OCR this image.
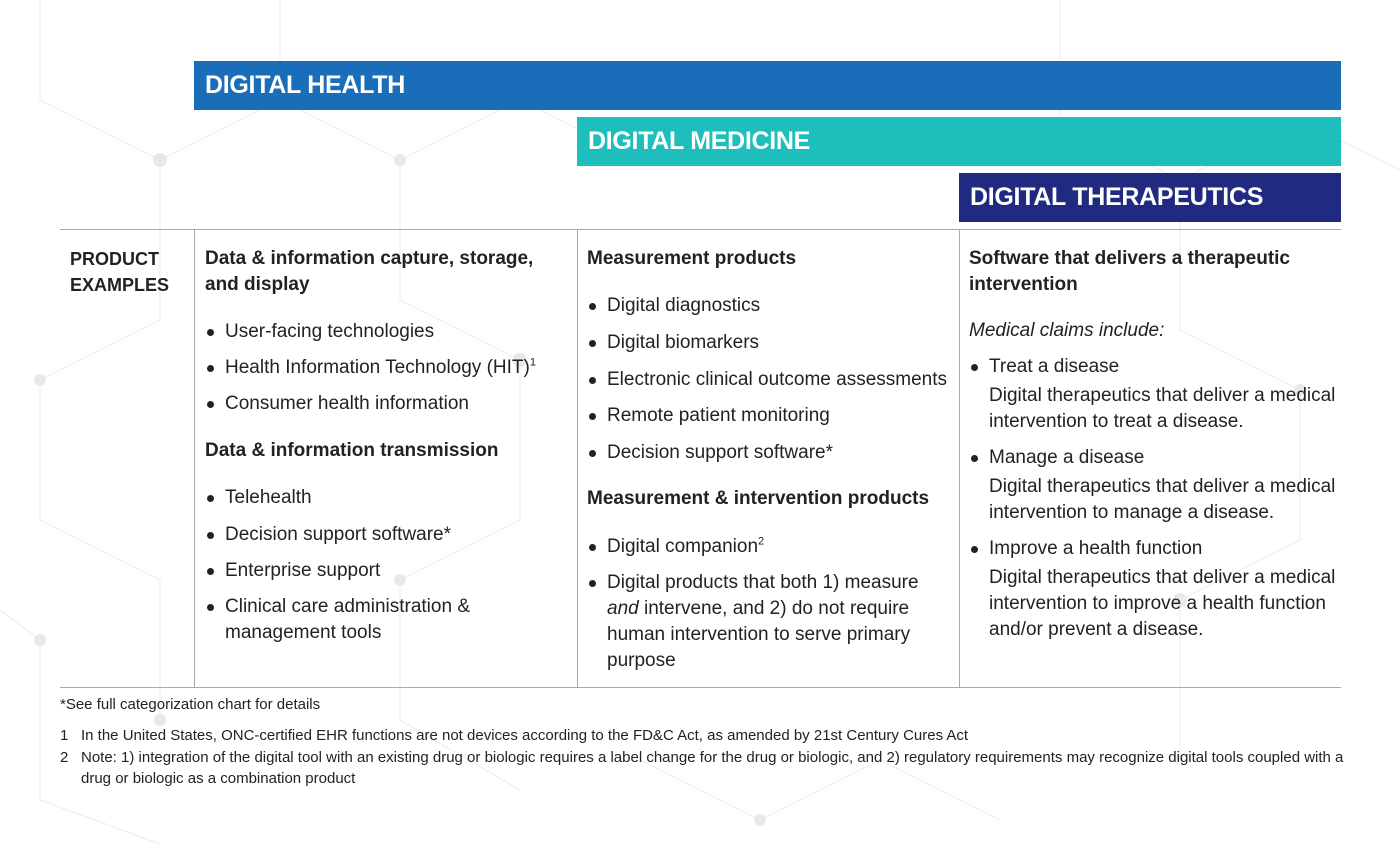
DIGITAL HEALTH
DIGITAL MEDICINE
DIGITAL THERAPEUTICS
PRODUCT EXAMPLES
Data & information capture, storage, and display
User-facing technologies
Health Information Technology (HIT)$^1$
Consumer health information
Data & information transmission
Telehealth
Decision support software*
Enterprise support
Clinical care administration & management tools
Measurement products
Digital diagnostics
Digital biomarkers
Electronic clinical outcome assessments
Remote patient monitoring
Decision support software*
Measurement & intervention products
Digital companion$^2$
Digital products that both 1) measure and intervene, and 2) do not require human intervention to serve primary purpose
Software that delivers a therapeutic intervention
Medical claims include:
Treat a disease
Digital therapeutics that deliver a medical intervention to treat a disease.
Manage a disease
Digital therapeutics that deliver a medical intervention to manage a disease.
Improve a health function
Digital therapeutics that deliver a medical intervention to improve a health function and/or prevent a disease.
*See full categorization chart for details
1 In the United States, ONC-certified EHR functions are not devices according to the FD&C Act, as amended by 21st Century Cures Act
2 Note: 1) integration of the digital tool with an existing drug or biologic requires a label change for the drug or biologic, and 2) regulatory requirements may recognize digital tools coupled with a drug or biologic as a combination product
